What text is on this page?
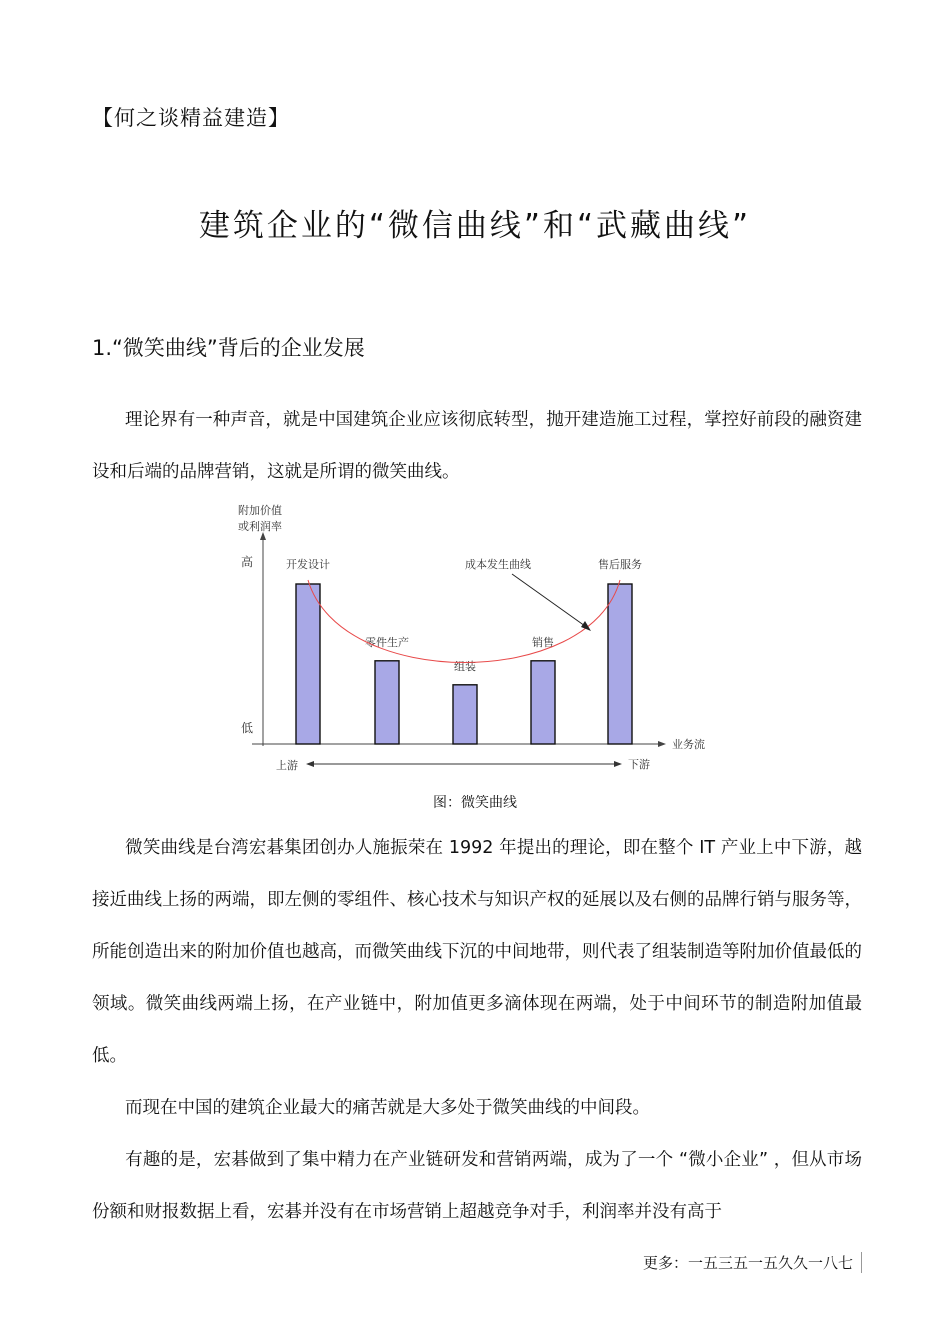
【何之谈精益建造】
建筑企业的“微信曲线”和“武藏曲线”
1.“微笑曲线”背后的企业发展
理论界有一种声音，就是中国建筑企业应该彻底转型，抛开建造施工过程，掌控好前段的融资建设和后端的品牌营销，这就是所谓的微笑曲线。
附加价值
或利润率
高
低
业务流
开发设计
零件生产
组装
销售
售后服务
成本发生曲线
上游	下游
图：微笑曲线
微笑曲线是台湾宏碁集团创办人施振荣在 1992 年提出的理论，即在整个 IT 产业上中下游，越接近曲线上扬的两端，即左侧的零组件、核心技术与知识产权的延展以及右侧的品牌行销与服务等，所能创造出来的附加价值也越高，而微笑曲线下沉的中间地带，则代表了组装制造等附加价值最低的领域。微笑曲线两端上扬，在产业链中，附加值更多滴体现在两端，处于中间环节的制造附加值最低。
而现在中国的建筑企业最大的痛苦就是大多处于微笑曲线的中间段。
有趣的是，宏碁做到了集中精力在产业链研发和营销两端，成为了一个 “微小企业” ，但从市场份额和财报数据上看，宏碁并没有在市场营销上超越竞争对手，利润率并没有高于
更多：一五三五一五久久一八七
